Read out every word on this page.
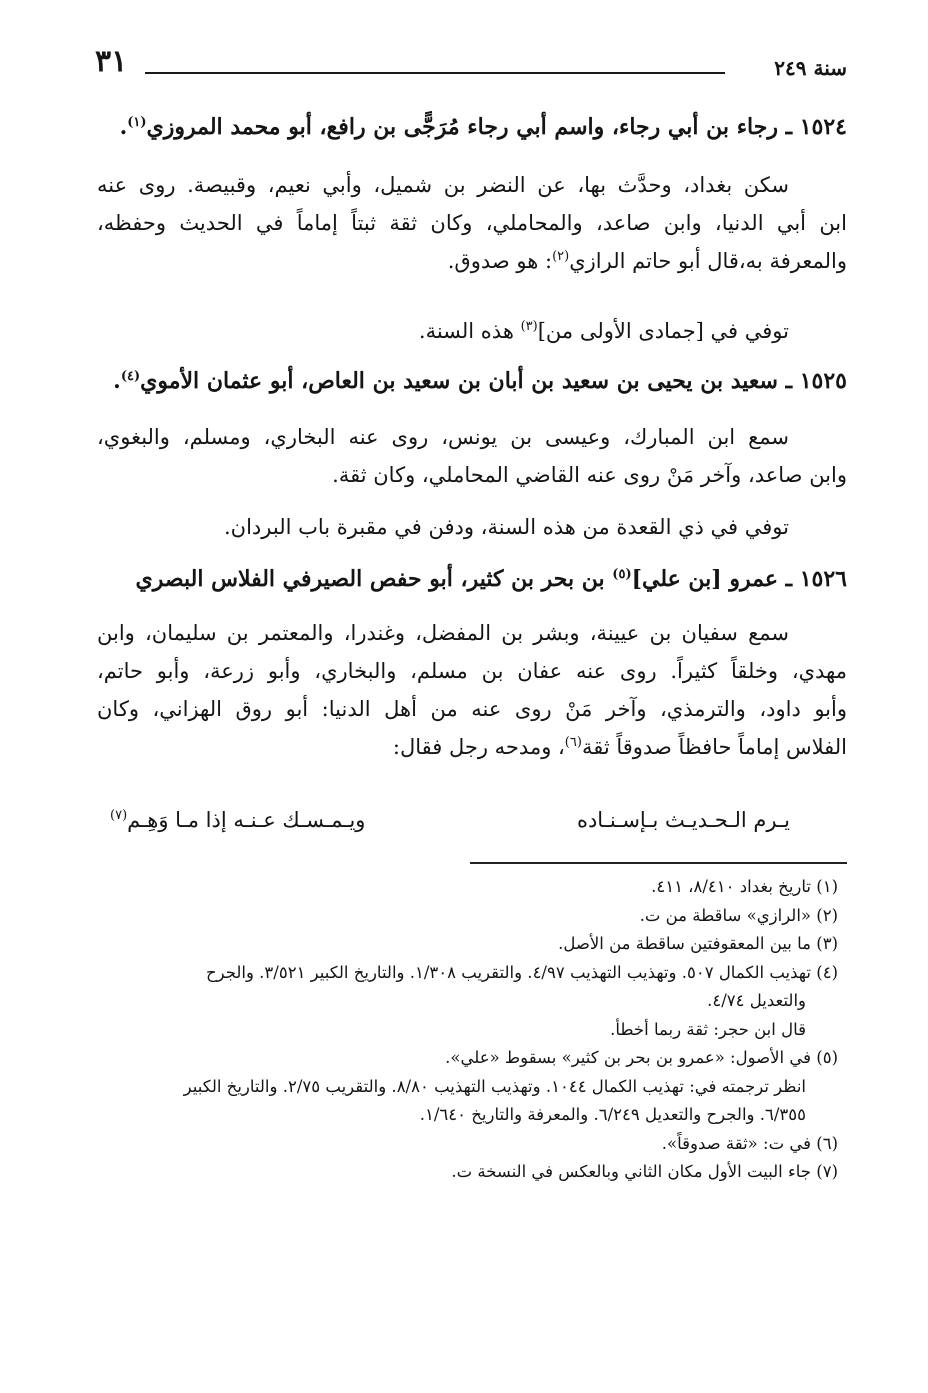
٣١	سنة ٢٤٩
١٥٢٤ ـ رجاء بن أبي رجاء، واسم أبي رجاء مُرَجًّى بن رافع، أبو محمد المروزي$^{(١)}$.
سكن بغداد، وحدَّث بها، عن النضر بن شميل، وأبي نعيم، وقبيصة. روى عنه
ابن أبي الدنيا، وابن صاعد، والمحاملي، وكان ثقة ثبتاً إماماً في الحديث وحفظه،
والمعرفة به،قال أبو حاتم الرازي$^{(٢)}$: هو صدوق.
توفي في [جمادى الأولى من]$^{(٣)}$ هذه السنة.
١٥٢٥ ـ سعيد بن يحيى بن سعيد بن أبان بن سعيد بن العاص، أبو عثمان الأموي$^{(٤)}$.
سمع ابن المبارك، وعيسى بن يونس، روى عنه البخاري، ومسلم، والبغوي،
وابن صاعد، وآخر مَنْ روى عنه القاضي المحاملي، وكان ثقة.
توفي في ذي القعدة من هذه السنة، ودفن في مقبرة باب البردان.
١٥٢٦ ـ عمرو [بن علي]$^{(٥)}$ بن بحر بن كثير، أبو حفص الصيرفي الفلاس البصري
سمع سفيان بن عيينة، وبشر بن المفضل، وغندرا، والمعتمر بن سليمان، وابن
مهدي، وخلقاً كثيراً. روى عنه عفان بن مسلم، والبخاري، وأبو زرعة، وأبو حاتم،
وأبو داود، والترمذي، وآخر مَنْ روى عنه من أهل الدنيا: أبو روق الهزاني، وكان
الفلاس إماماً حافظاً صدوقاً ثقة$^{(٦)}$، ومدحه رجل فقال:
يـرم الـحـديـث بـإسـنـاده
ويـمـسـك عـنـه إذا مـا وَهِـم$^{(٧)}$
(١) تاريخ بغداد ٨/٤١٠، ٤١١.
(٢) «الرازي» ساقطة من ت.
(٣) ما بين المعقوفتين ساقطة من الأصل.
(٤) تهذيب الكمال ٥٠٧. وتهذيب التهذيب ٤/٩٧. والتقريب ١/٣٠٨. والتاريخ الكبير ٣/٥٢١. والجرح
والتعديل ٤/٧٤.
قال ابن حجر: ثقة ربما أخطأ.
(٥) في الأصول: «عمرو بن بحر بن كثير» بسقوط «علي».
انظر ترجمته في: تهذيب الكمال ١٠٤٤. وتهذيب التهذيب ٨/٨٠. والتقريب ٢/٧٥. والتاريخ الكبير
٦/٣٥٥. والجرح والتعديل ٦/٢٤٩. والمعرفة والتاريخ ١/٦٤٠.
(٦) في ت: «ثقة صدوقاً».
(٧) جاء البيت الأول مكان الثاني وبالعكس في النسخة ت.
